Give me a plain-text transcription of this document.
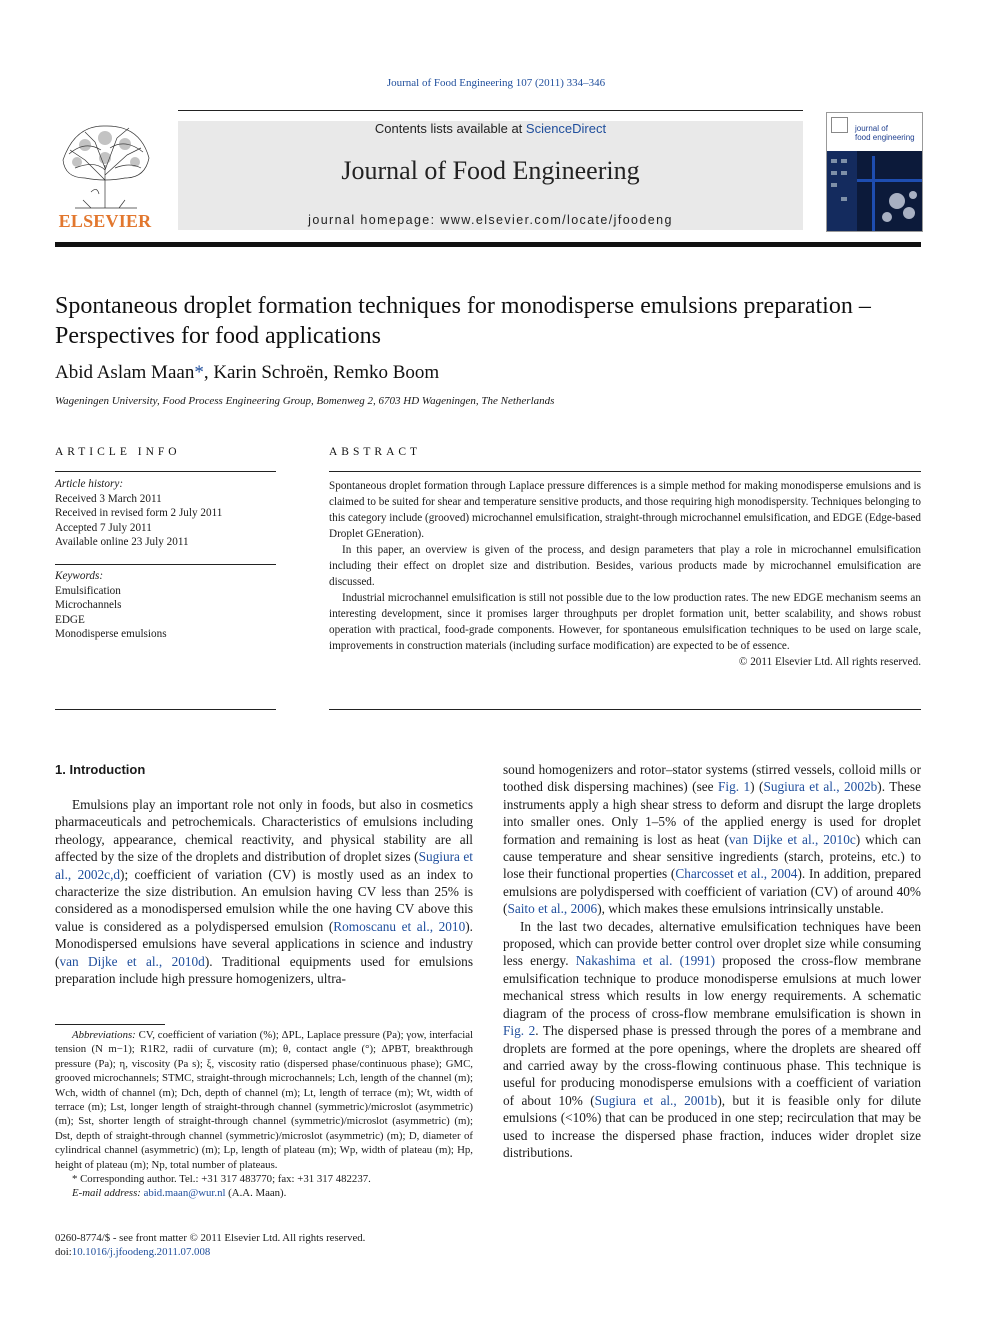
Journal of Food Engineering 107 (2011) 334–346
ELSEVIER
Contents lists available at ScienceDirect
Journal of Food Engineering
journal homepage: www.elsevier.com/locate/jfoodeng
journal of
food engineering
Spontaneous droplet formation techniques for monodisperse emulsions preparation – Perspectives for food applications
Abid Aslam Maan*, Karin Schroën, Remko Boom
Wageningen University, Food Process Engineering Group, Bomenweg 2, 6703 HD Wageningen, The Netherlands
ARTICLE INFO
Article history:
Received 3 March 2011
Received in revised form 2 July 2011
Accepted 7 July 2011
Available online 23 July 2011
Keywords:
Emulsification
Microchannels
EDGE
Monodisperse emulsions
ABSTRACT

Spontaneous droplet formation through Laplace pressure differences is a simple method for making monodisperse emulsions and is claimed to be suited for shear and temperature sensitive products, and those requiring high monodispersity. Techniques belonging to this category include (grooved) microchannel emulsification, straight-through microchannel emulsification, and EDGE (Edge-based Droplet GEneration).

In this paper, an overview is given of the process, and design parameters that play a role in microchannel emulsification including their effect on droplet size and distribution. Besides, various products made by microchannel emulsification are discussed.

Industrial microchannel emulsification is still not possible due to the low production rates. The new EDGE mechanism seems an interesting development, since it promises larger throughputs per droplet formation unit, better scalability, and shows robust operation with practical, food-grade components. However, for spontaneous emulsification techniques to be used on large scale, improvements in construction materials (including surface modification) are expected to be of essence.

© 2011 Elsevier Ltd. All rights reserved.
1. Introduction

Emulsions play an important role not only in foods, but also in cosmetics pharmaceuticals and petrochemicals. Characteristics of emulsions including rheology, appearance, chemical reactivity, and physical stability are all affected by the size of the droplets and distribution of droplet sizes (Sugiura et al., 2002c,d); coefficient of variation (CV) is mostly used as an index to characterize the size distribution. An emulsion having CV less than 25% is considered as a monodispersed emulsion while the one having CV above this value is considered as a polydispersed emulsion (Romoscanu et al., 2010). Monodispersed emulsions have several applications in science and industry (van Dijke et al., 2010d). Traditional equipments used for emulsions preparation include high pressure homogenizers, ultra-

sound homogenizers and rotor–stator systems (stirred vessels, colloid mills or toothed disk dispersing machines) (see Fig. 1) (Sugiura et al., 2002b). These instruments apply a high shear stress to deform and disrupt the large droplets into smaller ones. Only 1–5% of the applied energy is used for droplet formation and remaining is lost as heat (van Dijke et al., 2010c) which can cause temperature and shear sensitive ingredients (starch, proteins, etc.) to lose their functional properties (Charcosset et al., 2004). In addition, prepared emulsions are polydispersed with coefficient of variation (CV) of around 40% (Saito et al., 2006), which makes these emulsions intrinsically unstable.

In the last two decades, alternative emulsification techniques have been proposed, which can provide better control over droplet size while consuming less energy. Nakashima et al. (1991) proposed the cross-flow membrane emulsification technique to produce monodisperse emulsions at much lower mechanical stress which results in low energy requirements. A schematic diagram of the process of cross-flow membrane emulsification is shown in Fig. 2. The dispersed phase is pressed through the pores of a membrane and droplets are formed at the pore openings, where the droplets are sheared off and carried away by the cross-flowing continuous phase. This technique is useful for producing monodisperse emulsions with a coefficient of variation of about 10% (Sugiura et al., 2001b), but it is feasible only for dilute emulsions (<10%) that can be produced in one step; recirculation that may be used to increase the dispersed phase fraction, induces wider droplet size distributions.

Abbreviations: CV, coefficient of variation (%); ΔPL, Laplace pressure (Pa); γow, interfacial tension (N m−1); R1R2, radii of curvature (m); θ, contact angle (°); ΔPBT, breakthrough pressure (Pa); η, viscosity (Pa s); ξ, viscosity ratio (dispersed phase/continuous phase); GMC, grooved microchannels; STMC, straight-through microchannels; Lch, length of the channel (m); Wch, width of channel (m); Dch, depth of channel (m); Lt, length of terrace (m); Wt, width of terrace (m); Lst, longer length of straight-through channel (symmetric)/microslot (asymmetric) (m); Sst, shorter length of straight-through channel (symmetric)/microslot (asymmetric) (m); Dst, depth of straight-through channel (symmetric)/microslot (asymmetric) (m); D, diameter of cylindrical channel (asymmetric) (m); Lp, length of plateau (m); Wp, width of plateau (m); Hp, height of plateau (m); Np, total number of plateaus.

* Corresponding author. Tel.: +31 317 483770; fax: +31 317 482237.

E-mail address: abid.maan@wur.nl (A.A. Maan).

0260-8774/$ - see front matter © 2011 Elsevier Ltd. All rights reserved.
doi:10.1016/j.jfoodeng.2011.07.008
